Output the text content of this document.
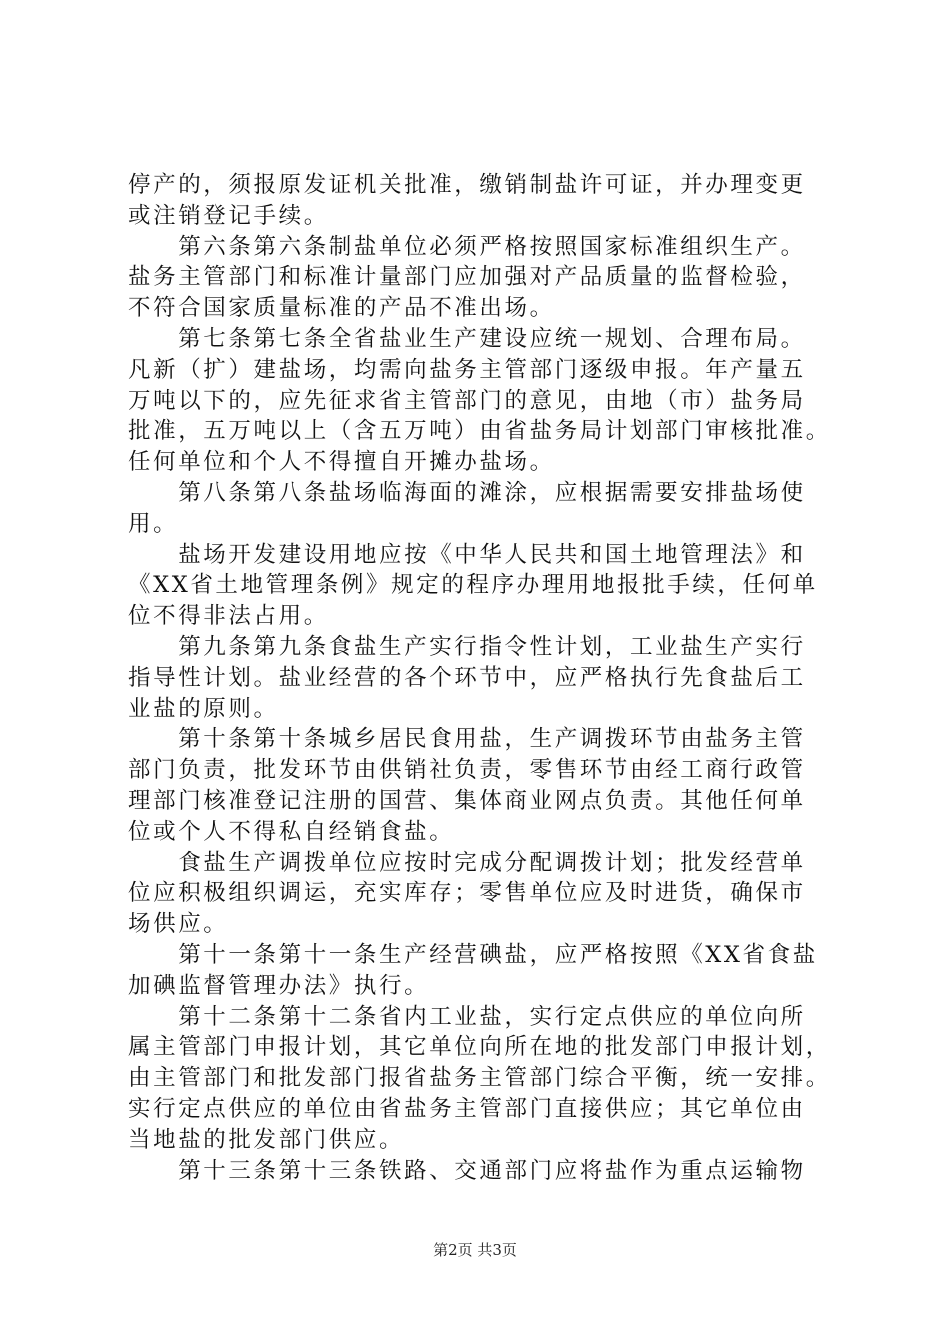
停产的，须报原发证机关批准，缴销制盐许可证，并办理变更
或注销登记手续。
　　第六条第六条制盐单位必须严格按照国家标准组织生产。
盐务主管部门和标准计量部门应加强对产品质量的监督检验，
不符合国家质量标准的产品不准出场。
　　第七条第七条全省盐业生产建设应统一规划、合理布局。
凡新（扩）建盐场，均需向盐务主管部门逐级申报。年产量五
万吨以下的，应先征求省主管部门的意见，由地（市）盐务局
批准，五万吨以上（含五万吨）由省盐务局计划部门审核批准。
任何单位和个人不得擅自开摊办盐场。
　　第八条第八条盐场临海面的滩涂，应根据需要安排盐场使
用。
　　盐场开发建设用地应按《中华人民共和国土地管理法》和
《XX省土地管理条例》规定的程序办理用地报批手续，任何单
位不得非法占用。
　　第九条第九条食盐生产实行指令性计划，工业盐生产实行
指导性计划。盐业经营的各个环节中，应严格执行先食盐后工
业盐的原则。
　　第十条第十条城乡居民食用盐，生产调拨环节由盐务主管
部门负责，批发环节由供销社负责，零售环节由经工商行政管
理部门核准登记注册的国营、集体商业网点负责。其他任何单
位或个人不得私自经销食盐。
　　食盐生产调拨单位应按时完成分配调拨计划；批发经营单
位应积极组织调运，充实库存；零售单位应及时进货，确保市
场供应。
　　第十一条第十一条生产经营碘盐，应严格按照《XX省食盐
加碘监督管理办法》执行。
　　第十二条第十二条省内工业盐，实行定点供应的单位向所
属主管部门申报计划，其它单位向所在地的批发部门申报计划，
由主管部门和批发部门报省盐务主管部门综合平衡，统一安排。
实行定点供应的单位由省盐务主管部门直接供应；其它单位由
当地盐的批发部门供应。
　　第十三条第十三条铁路、交通部门应将盐作为重点运输物
第2页 共3页
